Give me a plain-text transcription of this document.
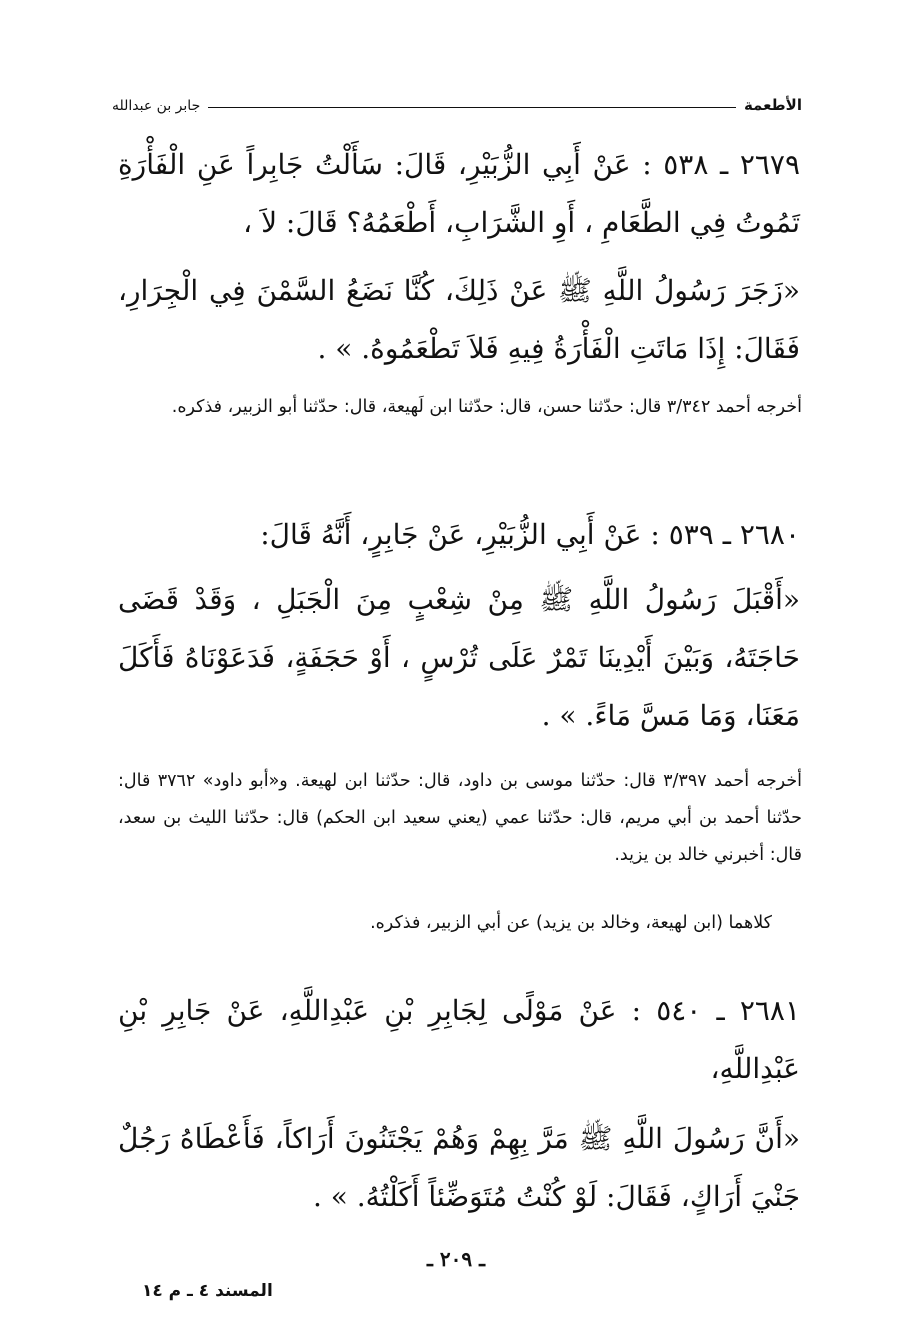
الأطعمة
جابر بن عبدالله

٢٦٧٩ ـ ٥٣٨ : عَنْ أَبِي الزُّبَيْرِ، قَالَ: سَأَلْتُ جَابِراً عَنِ الْفَأْرَةِ تَمُوتُ فِي الطَّعَامِ ، أَوِ الشَّرَابِ، أَطْعَمُهُ؟ قَالَ: لاَ ،

«زَجَرَ رَسُولُ اللَّهِ ﷺ عَنْ ذَلِكَ، كُنَّا نَضَعُ السَّمْنَ فِي الْجِرَارِ، فَقَالَ: إِذَا مَاتَتِ الْفَأْرَةُ فِيهِ فَلاَ تَطْعَمُوهُ. » .

أخرجه أحمد ٣/٣٤٢ قال: حدّثنا حسن، قال: حدّثنا ابن لَهيعة، قال: حدّثنا أبو الزبير، فذكره.

٢٦٨٠ ـ ٥٣٩ : عَنْ أَبِي الزُّبَيْرِ، عَنْ جَابِرٍ، أَنَّهُ قَالَ:

«أَقْبَلَ رَسُولُ اللَّهِ ﷺ مِنْ شِعْبٍ مِنَ الْجَبَلِ ، وَقَدْ قَضَى حَاجَتَهُ، وَبَيْنَ أَيْدِينَا تَمْرٌ عَلَى تُرْسٍ ، أَوْ حَجَفَةٍ، فَدَعَوْنَاهُ فَأَكَلَ مَعَنَا، وَمَا مَسَّ مَاءً. » .

أخرجه أحمد ٣/٣٩٧ قال: حدّثنا موسى بن داود، قال: حدّثنا ابن لهيعة. و«أبو داود» ٣٧٦٢ قال: حدّثنا أحمد بن أبي مريم، قال: حدّثنا عمي (يعني سعيد ابن الحكم) قال: حدّثنا الليث بن سعد، قال: أخبرني خالد بن يزيد.

كلاهما (ابن لهيعة، وخالد بن يزيد) عن أبي الزبير، فذكره.

٢٦٨١ ـ ٥٤٠ : عَنْ مَوْلًى لِجَابِرِ بْنِ عَبْدِاللَّهِ، عَنْ جَابِرِ بْنِ عَبْدِاللَّهِ،

«أَنَّ رَسُولَ اللَّهِ ﷺ مَرَّ بِهِمْ وَهُمْ يَجْتَنُونَ أَرَاكاً، فَأَعْطَاهُ رَجُلٌ جَنْيَ أَرَاكٍ، فَقَالَ: لَوْ كُنْتُ مُتَوَضِّئاً أَكَلْتُهُ. » .

ـ ٢٠٩ ـ
المسند ٤ ـ م ١٤
